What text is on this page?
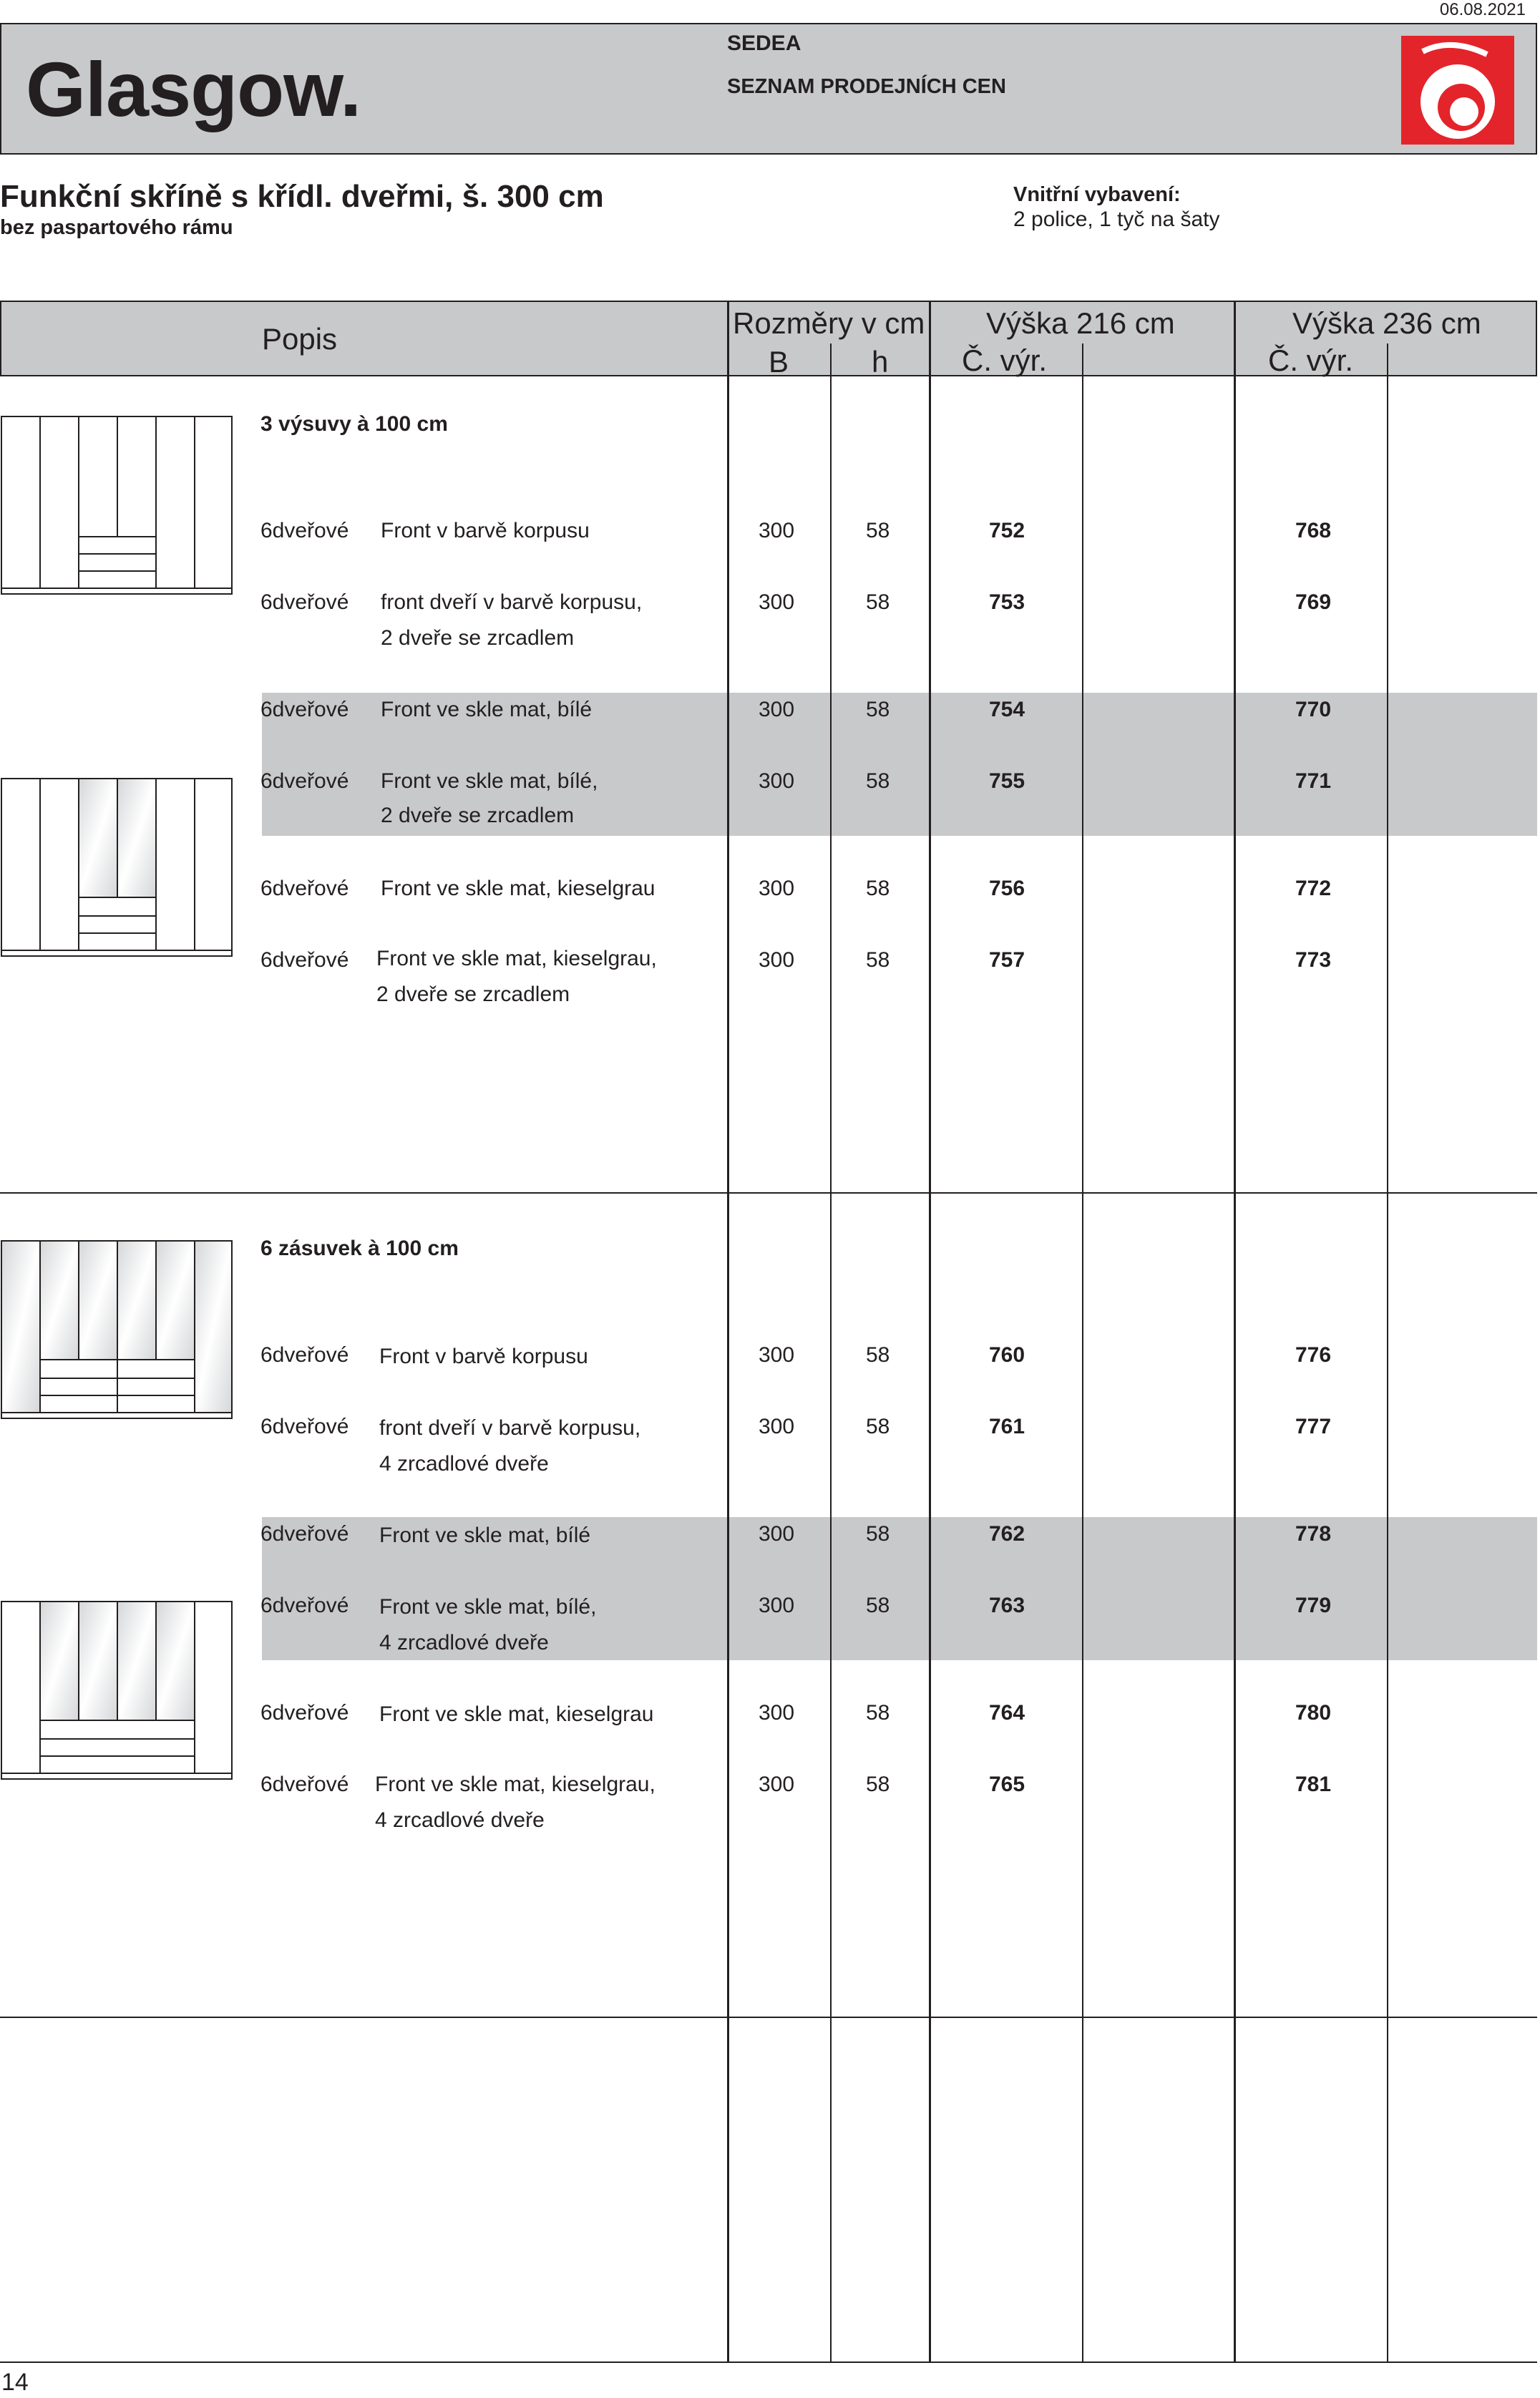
06.08.2021
Glasgow.
SEDEA
SEZNAM PRODEJNÍCH CEN
Funkční skříně s křídl. dveřmi, š. 300 cm
bez paspartového rámu
Vnitřní vybavení:
2 police, 1 tyč na šaty
Popis	Rozměry v cm
B	h
Výška 216 cm
Č. výr.
Výška 236 cm
Č. výr.
3 výsuvy à 100 cm
6dveřové Front v barvě korpusu	300	58	752	768
6dveřové front dveří v barvě korpusu,
2 dveře se zrcadlem
300	58	753	769
6dveřové Front ve skle mat, bílé	300	58	754	770
6dveřové Front ve skle mat, bílé,
2 dveře se zrcadlem
300	58	755	771
6dveřové Front ve skle mat, kieselgrau	300	58	756	772
6dveřové Front ve skle mat, kieselgrau,
2 dveře se zrcadlem
300	58	757	773
6 zásuvek à 100 cm
6dveřové Front v barvě korpusu	300	58	760	776
6dveřové front dveří v barvě korpusu,
4 zrcadlové dveře
300	58	761	777
6dveřové Front ve skle mat, bílé	300	58	762	778
6dveřové Front ve skle mat, bílé,
4 zrcadlové dveře
300	58	763	779
6dveřové Front ve skle mat, kieselgrau	300	58	764	780
6dveřové Front ve skle mat, kieselgrau,
4 zrcadlové dveře
300	58	765	781
14
